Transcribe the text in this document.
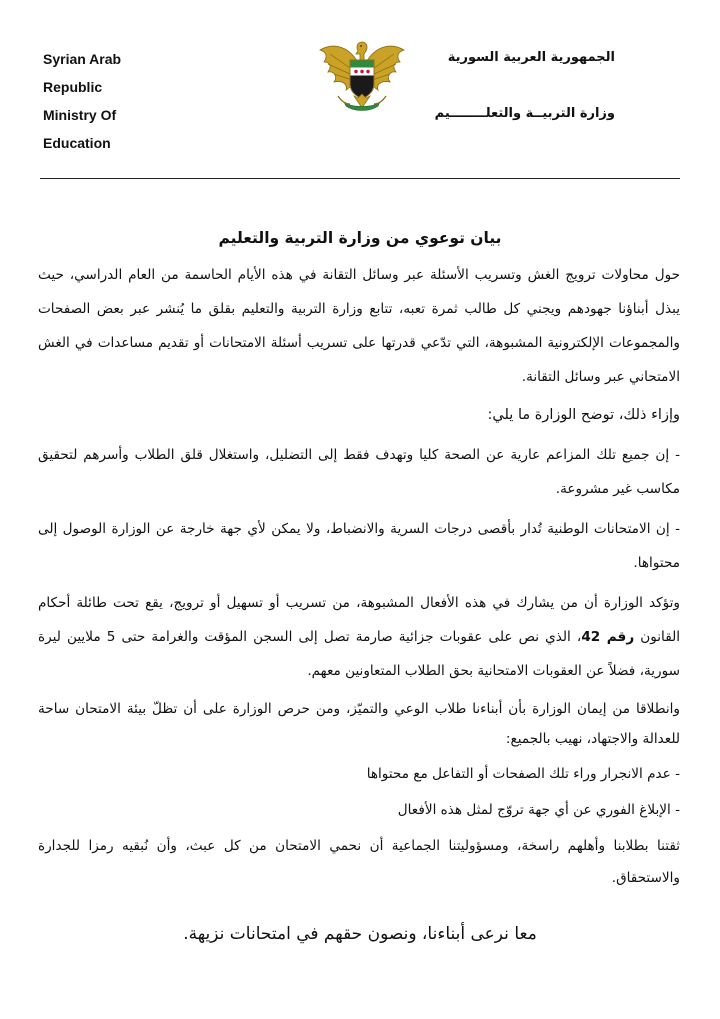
Syrian Arab
Republic
Ministry Of
Education
الجمهورية العربية السورية
وزارة التربيــة والتعلــــــــيم
بيان توعوي من وزارة التربية والتعليم

حول محاولات ترويج الغش وتسريب الأسئلة عبر وسائل التقانة في هذه الأيام الحاسمة من العام الدراسي، حيث يبذل أبناؤنا جهودهم ويجني كل طالب ثمرة تعبه، تتابع وزارة التربية والتعليم بقلق ما يُنشر عبر بعض الصفحات والمجموعات الإلكترونية المشبوهة، التي تدّعي قدرتها على تسريب أسئلة الامتحانات أو تقديم مساعدات في الغش الامتحاني عبر وسائل التقانة.

وإزاء ذلك، توضح الوزارة ما يلي:

- إن جميع تلك المزاعم عارية عن الصحة كليا وتهدف فقط إلى التضليل، واستغلال قلق الطلاب وأسرهم لتحقيق مكاسب غير مشروعة.

- إن الامتحانات الوطنية تُدار بأقصى درجات السرية والانضباط، ولا يمكن لأي جهة خارجة عن الوزارة الوصول إلى محتواها.

وتؤكد الوزارة أن من يشارك في هذه الأفعال المشبوهة، من تسريب أو تسهيل أو ترويج، يقع تحت طائلة أحكام القانون رقم 42، الذي نص على عقوبات جزائية صارمة تصل إلى السجن المؤقت والغرامة حتى 5 ملايين ليرة سورية، فضلاً عن العقوبات الامتحانية بحق الطلاب المتعاونين معهم.

وانطلاقا من إيمان الوزارة بأن أبناءنا طلاب الوعي والتميّز، ومن حرص الوزارة على أن تظلّ بيئة الامتحان ساحة للعدالة والاجتهاد، نهيب بالجميع:

- عدم الانجرار وراء تلك الصفحات أو التفاعل مع محتواها

- الإبلاغ الفوري عن أي جهة تروّج لمثل هذه الأفعال

ثقتنا بطلابنا وأهلهم راسخة، ومسؤوليتنا الجماعية أن نحمي الامتحان من كل عبث، وأن نُبقيه رمزا للجدارة والاستحقاق.

معا نرعى أبناءنا، ونصون حقهم في امتحانات نزيهة.
